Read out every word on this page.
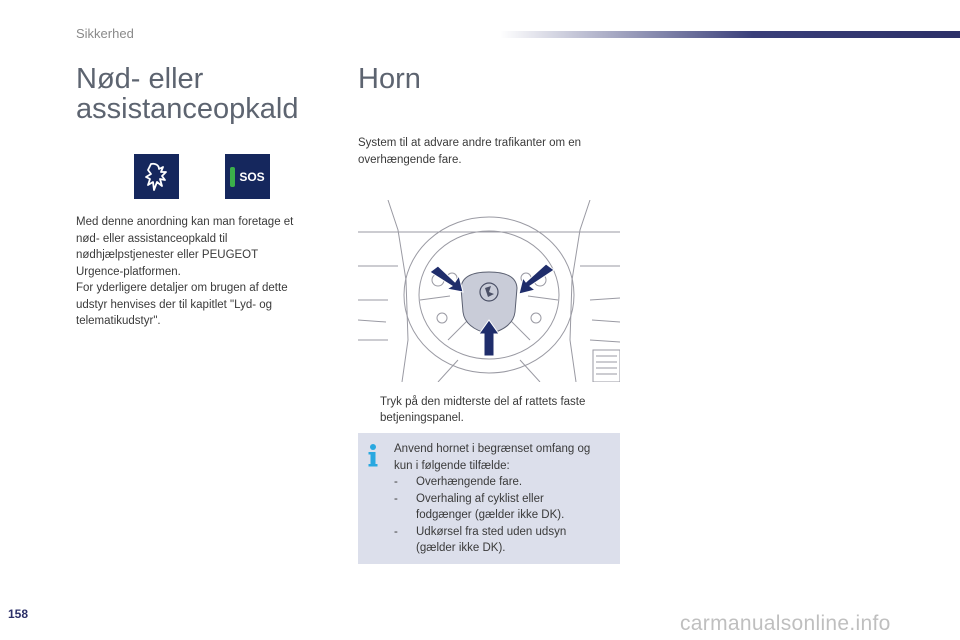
Sikkerhed
Nød- eller
assistanceopkald
SOS
Med denne anordning kan man foretage et
nød- eller assistanceopkald til
nødhjælpstjenester eller PEUGEOT
Urgence-platformen.
For yderligere detaljer om brugen af dette
udstyr henvises der til kapitlet "Lyd- og
telematikudstyr".
Horn
System til at advare andre trafikanter om en
overhængende fare.
Tryk på den midterste del af rattets faste
betjeningspanel.
Anvend hornet i begrænset omfang og
kun i følgende tilfælde:
- Overhængende fare.
- Overhaling af cyklist eller
fodgænger (gælder ikke DK).
- Udkørsel fra sted uden udsyn
(gælder ikke DK).
158	carmanualsonline.info
